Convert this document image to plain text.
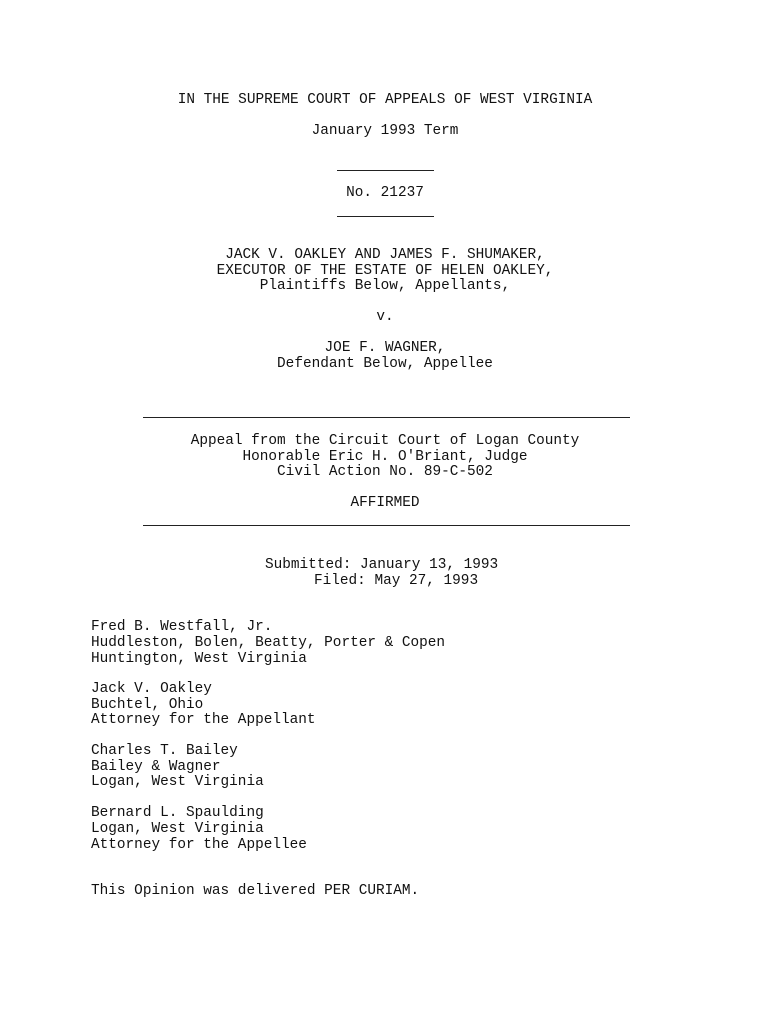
IN THE SUPREME COURT OF APPEALS OF WEST VIRGINIA
January 1993 Term
No. 21237
JACK V. OAKLEY AND JAMES F. SHUMAKER,
EXECUTOR OF THE ESTATE OF HELEN OAKLEY,
Plaintiffs Below, Appellants,
v.
JOE F. WAGNER,
Defendant Below, Appellee
Appeal from the Circuit Court of Logan County
Honorable Eric H. O'Briant, Judge
Civil Action No. 89-C-502
AFFIRMED
Submitted: January 13, 1993
Filed: May 27, 1993
Fred B. Westfall, Jr.
Huddleston, Bolen, Beatty, Porter & Copen
Huntington, West Virginia
Jack V. Oakley
Buchtel, Ohio
Attorney for the Appellant
Charles T. Bailey
Bailey & Wagner
Logan, West Virginia
Bernard L. Spaulding
Logan, West Virginia
Attorney for the Appellee
This Opinion was delivered PER CURIAM.
